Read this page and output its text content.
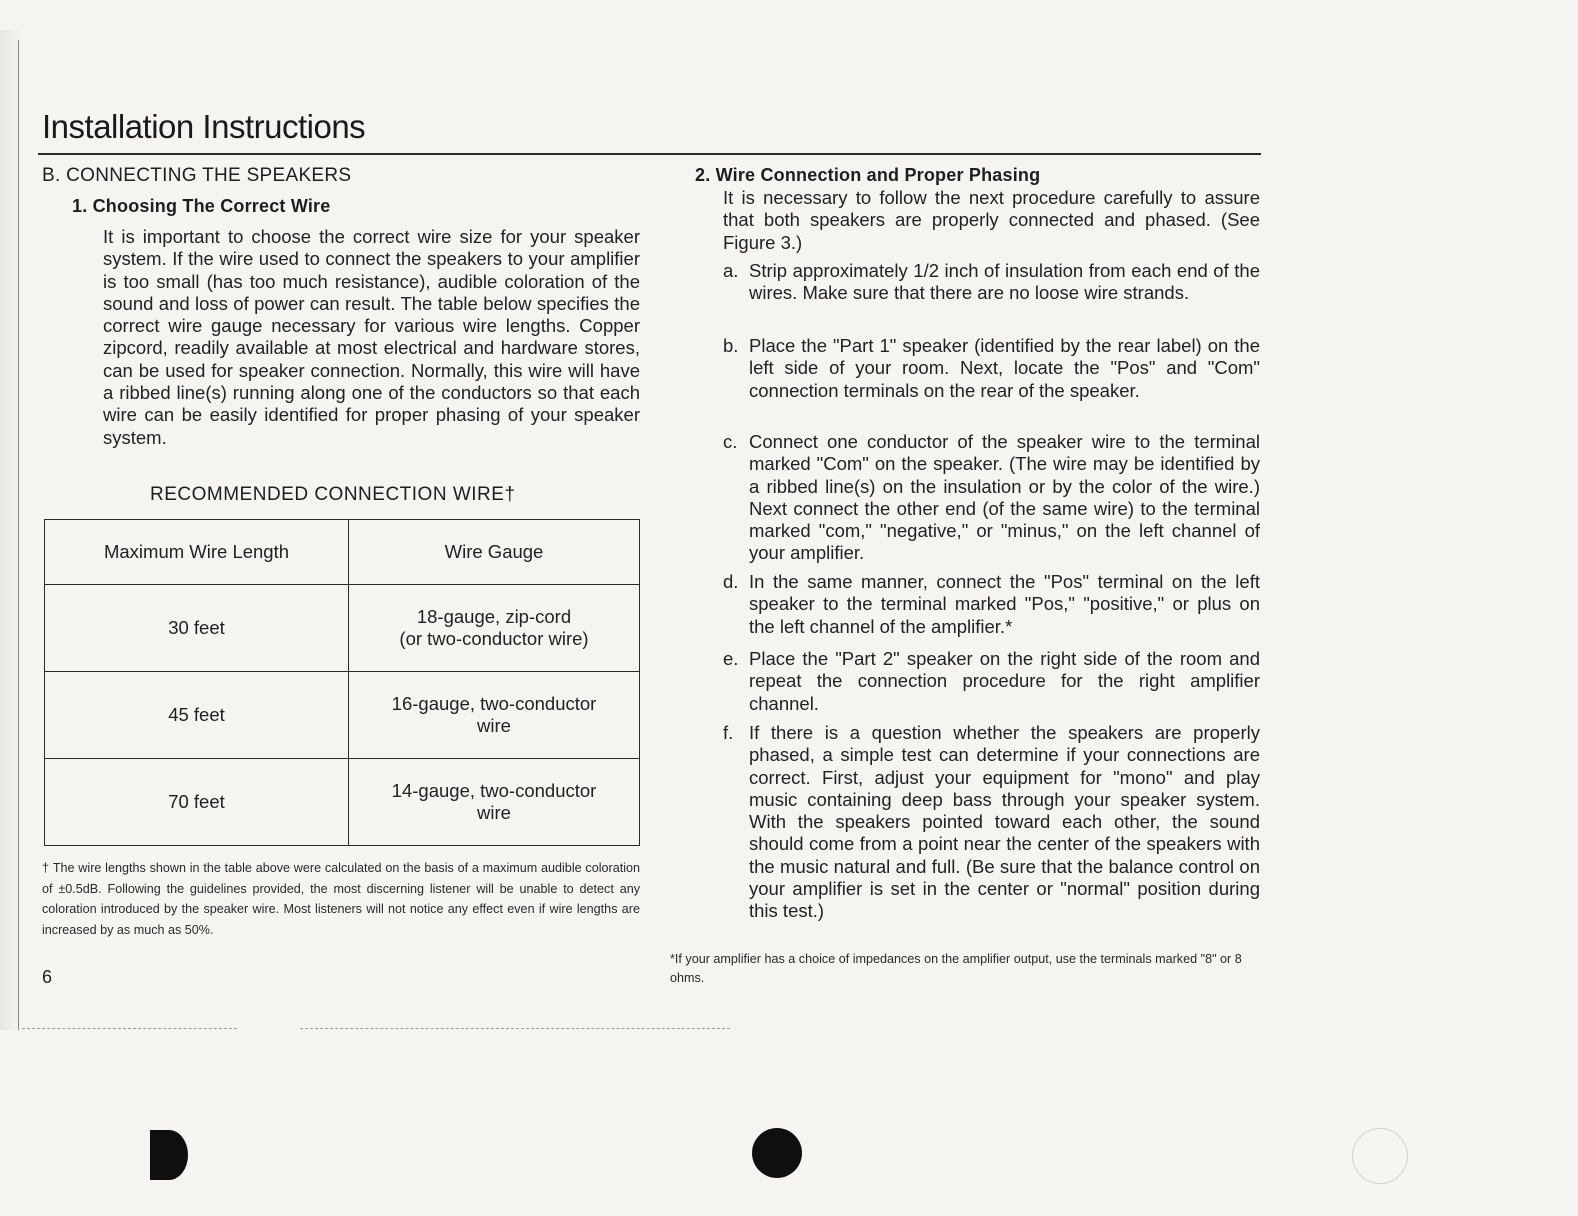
Installation Instructions
B. CONNECTING THE SPEAKERS
1. Choosing The Correct Wire
It is important to choose the correct wire size for your speaker system. If the wire used to connect the speakers to your amplifier is too small (has too much resistance), audible coloration of the sound and loss of power can result. The table below specifies the correct wire gauge necessary for various wire lengths. Copper zipcord, readily available at most electrical and hardware stores, can be used for speaker connection. Normally, this wire will have a ribbed line(s) running along one of the conductors so that each wire can be easily identified for proper phasing of your speaker system.
RECOMMENDED CONNECTION WIRE†
Maximum Wire Length	Wire Gauge
30 feet	18-gauge, zip-cord
(or two-conductor wire)

45 feet	16-gauge, two-conductor
wire

70 feet	14-gauge, two-conductor
wire
† The wire lengths shown in the table above were calculated on the basis of a maximum audible coloration of ±0.5dB. Following the guidelines provided, the most discerning listener will be unable to detect any coloration introduced by the speaker wire. Most listeners will not notice any effect even if wire lengths are increased by as much as 50%.
6
2. Wire Connection and Proper Phasing
It is necessary to follow the next procedure carefully to assure that both speakers are properly connected and phased. (See Figure 3.)
a. Strip approximately 1/2 inch of insulation from each end of the wires. Make sure that there are no loose wire strands.
b. Place the "Part 1" speaker (identified by the rear label) on the left side of your room. Next, locate the "Pos" and "Com" connection terminals on the rear of the speaker.
c. Connect one conductor of the speaker wire to the terminal marked "Com" on the speaker. (The wire may be identified by a ribbed line(s) on the insulation or by the color of the wire.) Next connect the other end (of the same wire) to the terminal marked "com," "negative," or "minus," on the left channel of your amplifier.
d. In the same manner, connect the "Pos" terminal on the left speaker to the terminal marked "Pos," "positive," or plus on the left channel of the amplifier.*
e. Place the "Part 2" speaker on the right side of the room and repeat the connection procedure for the right amplifier channel.
f. If there is a question whether the speakers are properly phased, a simple test can determine if your connections are correct. First, adjust your equipment for "mono" and play music containing deep bass through your speaker system. With the speakers pointed toward each other, the sound should come from a point near the center of the speakers with the music natural and full. (Be sure that the balance control on your amplifier is set in the center or "normal" position during this test.)
*If your amplifier has a choice of impedances on the amplifier output, use the terminals marked "8" or 8 ohms.
